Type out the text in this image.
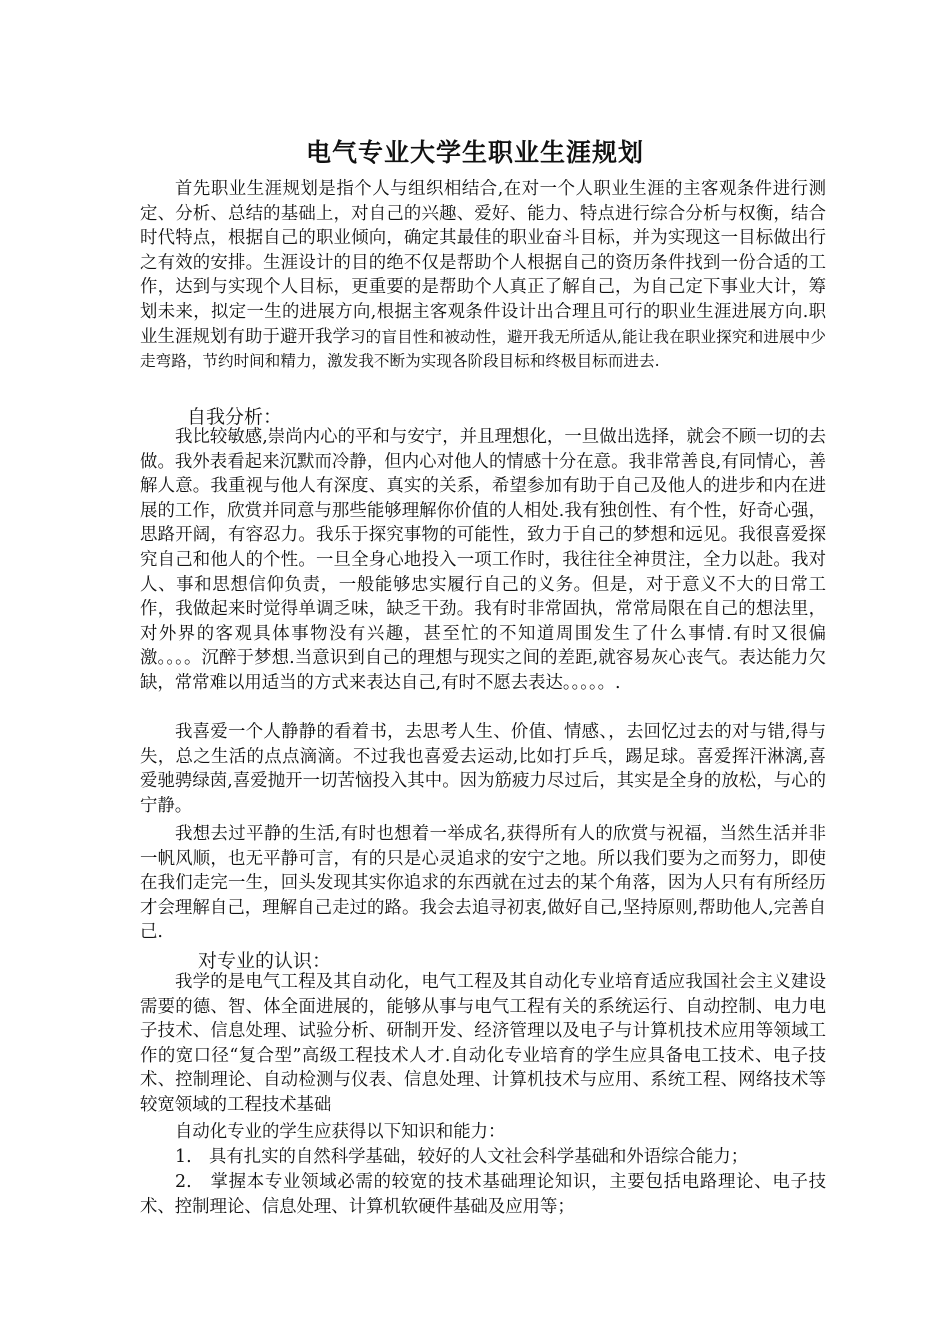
电气专业大学生职业生涯规划

首先职业生涯规划是指个人与组织相结合,在对一个人职业生涯的主客观条件进行测定、分析、总结的基础上，对自己的兴趣、爱好、能力、特点进行综合分析与权衡，结合时代特点，根据自己的职业倾向，确定其最佳的职业奋斗目标，并为实现这一目标做出行之有效的安排。生涯设计的目的绝不仅是帮助个人根据自己的资历条件找到一份合适的工作，达到与实现个人目标，更重要的是帮助个人真正了解自己，为自己定下事业大计，筹划未来，拟定一生的进展方向,根据主客观条件设计出合理且可行的职业生涯进展方向.职业生涯规划有助于避开我学习的盲目性和被动性，避开我无所适从,能让我在职业探究和进展中少走弯路，节约时间和精力，激发我不断为实现各阶段目标和终极目标而进去.

自我分析：

我比较敏感,崇尚内心的平和与安宁，并且理想化，一旦做出选择，就会不顾一切的去做。我外表看起来沉默而冷静，但内心对他人的情感十分在意。我非常善良,有同情心，善解人意。我重视与他人有深度、真实的关系，希望参加有助于自己及他人的进步和内在进展的工作，欣赏并同意与那些能够理解你价值的人相处.我有独创性、有个性，好奇心强，思路开阔，有容忍力。我乐于探究事物的可能性，致力于自己的梦想和远见。我很喜爱探究自己和他人的个性。一旦全身心地投入一项工作时，我往往全神贯注，全力以赴。我对人、事和思想信仰负责，一般能够忠实履行自己的义务。但是，对于意义不大的日常工作，我做起来时觉得单调乏味，缺乏干劲。我有时非常固执，常常局限在自己的想法里，对外界的客观具体事物没有兴趣，甚至忙的不知道周围发生了什么事情.有时又很偏激。。。。沉醉于梦想.当意识到自己的理想与现实之间的差距,就容易灰心丧气。表达能力欠缺，常常难以用适当的方式来表达自己,有时不愿去表达。。。。。.

我喜爱一个人静静的看着书，去思考人生、价值、情感、，去回忆过去的对与错,得与失，总之生活的点点滴滴。不过我也喜爱去运动,比如打乒乓，踢足球。喜爱挥汗淋漓,喜爱驰骋绿茵,喜爱抛开一切苦恼投入其中。因为筋疲力尽过后，其实是全身的放松，与心的宁静。

我想去过平静的生活,有时也想着一举成名,获得所有人的欣赏与祝福，当然生活并非一帆风顺，也无平静可言，有的只是心灵追求的安宁之地。所以我们要为之而努力，即使在我们走完一生，回头发现其实你追求的东西就在过去的某个角落，因为人只有有所经历才会理解自己，理解自己走过的路。我会去追寻初衷,做好自己,坚持原则,帮助他人,完善自己.

对专业的认识：

我学的是电气工程及其自动化，电气工程及其自动化专业培育适应我国社会主义建设需要的德、智、体全面进展的，能够从事与电气工程有关的系统运行、自动控制、电力电子技术、信息处理、试验分析、研制开发、经济管理以及电子与计算机技术应用等领域工作的宽口径“复合型”高级工程技术人才.自动化专业培育的学生应具备电工技术、电子技术、控制理论、自动检测与仪表、信息处理、计算机技术与应用、系统工程、网络技术等较宽领域的工程技术基础

自动化专业的学生应获得以下知识和能力：

1.　具有扎实的自然科学基础，较好的人文社会科学基础和外语综合能力；

2.　掌握本专业领域必需的较宽的技术基础理论知识，主要包括电路理论、电子技术、控制理论、信息处理、计算机软硬件基础及应用等；
